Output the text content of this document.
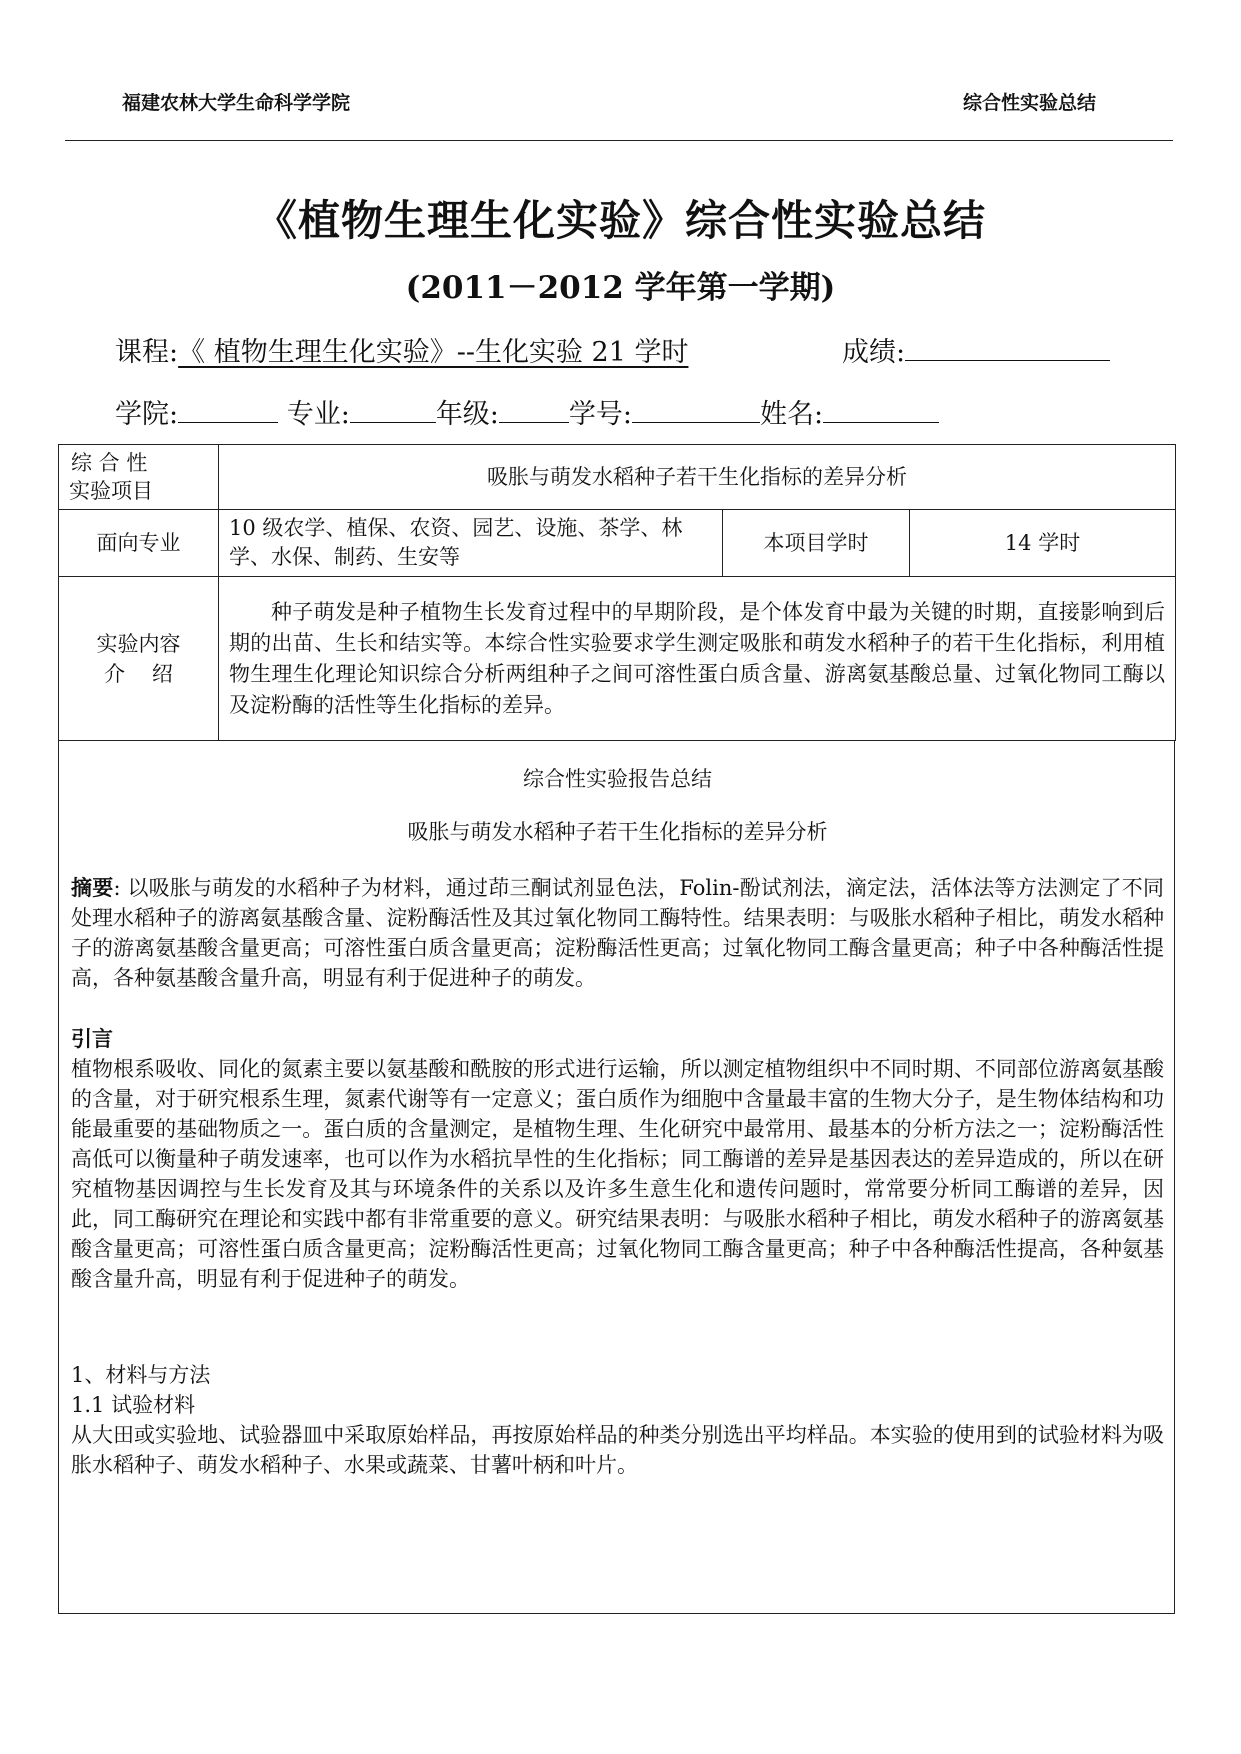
福建农林大学生命科学学院	综合性实验总结
《植物生理生化实验》综合性实验总结
(2011－2012 学年第一学期)
课程:《 植物生理生化实验》--生化实验 21 学时	成绩:
学院:	专业:	年级:	学号:	姓名:
综 合 性
实验项目	吸胀与萌发水稻种子若干生化指标的差异分析		
面向专业	10 级农学、植保、农资、园艺、设施、茶学、林学、水保、制药、生安等	本项目学时	14 学时

实验内容
介    绍	种子萌发是种子植物生长发育过程中的早期阶段，是个体发育中最为关键的时期，直接影响到后期的出苗、生长和结实等。本综合性实验要求学生测定吸胀和萌发水稻种子的若干生化指标，利用植物生理生化理论知识综合分析两组种子之间可溶性蛋白质含量、游离氨基酸总量、过氧化物同工酶以及淀粉酶的活性等生化指标的差异。		
综合性实验报告总结
吸胀与萌发水稻种子若干生化指标的差异分析

摘要: 以吸胀与萌发的水稻种子为材料，通过茚三酮试剂显色法，Folin-酚试剂法，滴定法，活体法等方法测定了不同处理水稻种子的游离氨基酸含量、淀粉酶活性及其过氧化物同工酶特性。结果表明：与吸胀水稻种子相比，萌发水稻种子的游离氨基酸含量更高；可溶性蛋白质含量更高；淀粉酶活性更高；过氧化物同工酶含量更高；种子中各种酶活性提高，各种氨基酸含量升高，明显有利于促进种子的萌发。

引言

植物根系吸收、同化的氮素主要以氨基酸和酰胺的形式进行运输，所以测定植物组织中不同时期、不同部位游离氨基酸的含量，对于研究根系生理，氮素代谢等有一定意义；蛋白质作为细胞中含量最丰富的生物大分子，是生物体结构和功能最重要的基础物质之一。蛋白质的含量测定，是植物生理、生化研究中最常用、最基本的分析方法之一；淀粉酶活性高低可以衡量种子萌发速率，也可以作为水稻抗旱性的生化指标；同工酶谱的差异是基因表达的差异造成的，所以在研究植物基因调控与生长发育及其与环境条件的关系以及许多生意生化和遗传问题时，常常要分析同工酶谱的差异，因此，同工酶研究在理论和实践中都有非常重要的意义。研究结果表明：与吸胀水稻种子相比，萌发水稻种子的游离氨基酸含量更高；可溶性蛋白质含量更高；淀粉酶活性更高；过氧化物同工酶含量更高；种子中各种酶活性提高，各种氨基酸含量升高，明显有利于促进种子的萌发。

1、材料与方法
1.1 试验材料

从大田或实验地、试验器皿中采取原始样品，再按原始样品的种类分别选出平均样品。本实验的使用到的试验材料为吸胀水稻种子、萌发水稻种子、水果或蔬菜、甘薯叶柄和叶片。
